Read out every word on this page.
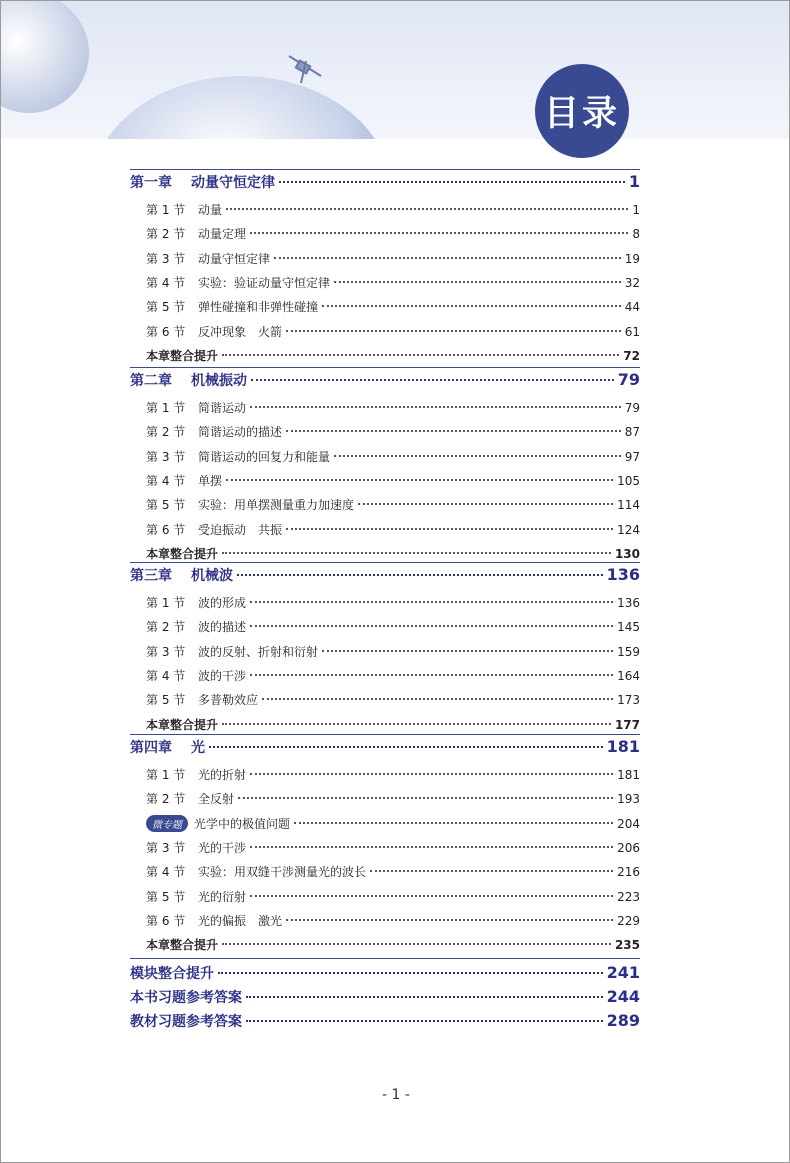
目录
第一章	动量守恒定律	1
第 1 节	动量	1
第 2 节	动量定理	8
第 3 节	动量守恒定律	19
第 4 节	实验：验证动量守恒定律	32
第 5 节	弹性碰撞和非弹性碰撞	44
第 6 节	反冲现象　火箭	61
本章整合提升	72
第二章	机械振动	79
第 1 节	简谐运动	79
第 2 节	简谐运动的描述	87
第 3 节	简谐运动的回复力和能量	97
第 4 节	单摆	105
第 5 节	实验：用单摆测量重力加速度	114
第 6 节	受迫振动　共振	124
本章整合提升	130
第三章	机械波	136
第 1 节	波的形成	136
第 2 节	波的描述	145
第 3 节	波的反射、折射和衍射	159
第 4 节	波的干涉	164
第 5 节	多普勒效应	173
本章整合提升	177
第四章	光	181
第 1 节	光的折射	181
第 2 节	全反射	193
微专题	光学中的极值问题	204
第 3 节	光的干涉	206
第 4 节	实验：用双缝干涉测量光的波长	216
第 5 节	光的衍射	223
第 6 节	光的偏振　激光	229
本章整合提升	235
模块整合提升	241
本书习题参考答案	244
教材习题参考答案	289
- 1 -
